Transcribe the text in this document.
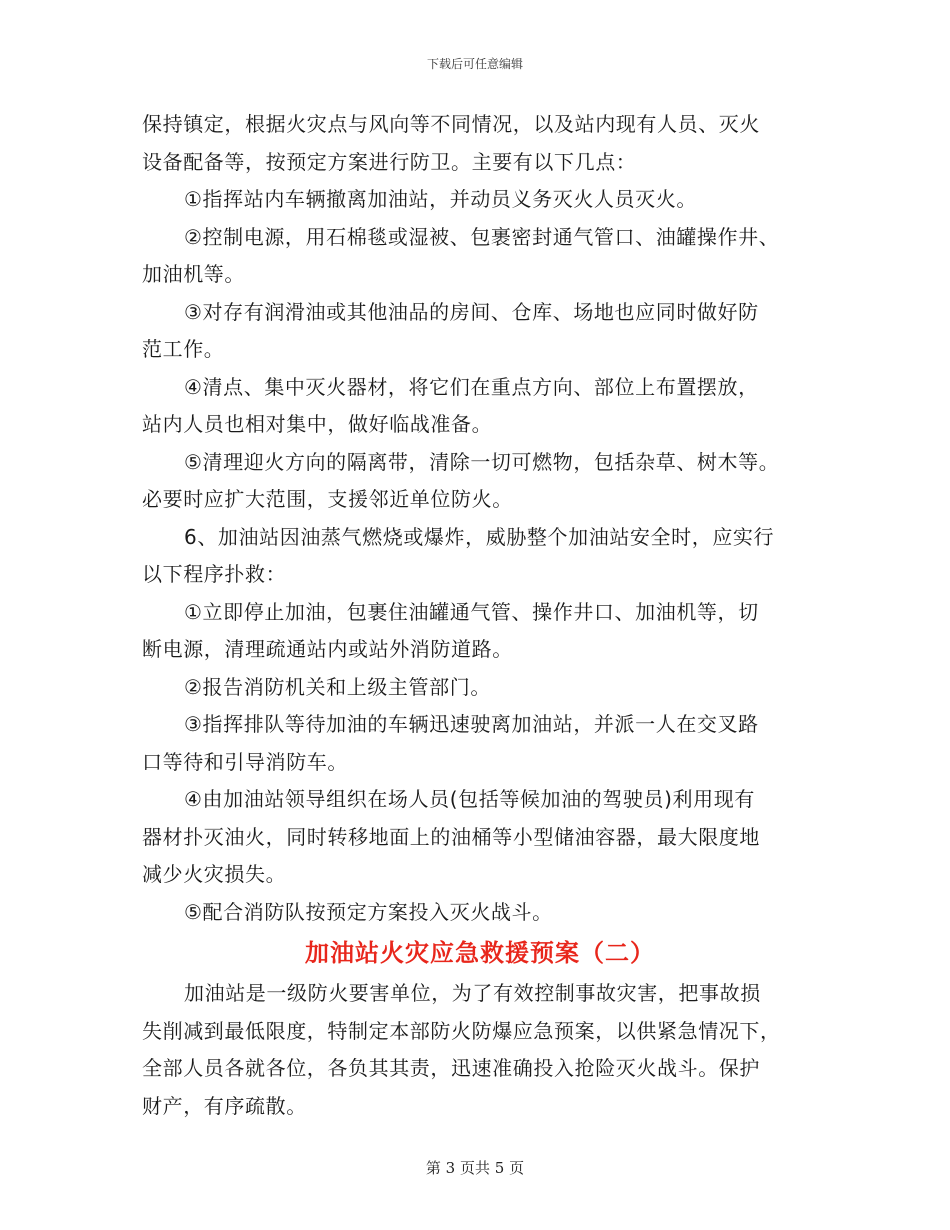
下载后可任意编辑
保持镇定，根据火灾点与风向等不同情况，以及站内现有人员、灭火
设备配备等，按预定方案进行防卫。主要有以下几点：
①指挥站内车辆撤离加油站，并动员义务灭火人员灭火。
②控制电源，用石棉毯或湿被、包裹密封通气管口、油罐操作井、
加油机等。
③对存有润滑油或其他油品的房间、仓库、场地也应同时做好防
范工作。
④清点、集中灭火器材，将它们在重点方向、部位上布置摆放，
站内人员也相对集中，做好临战准备。
⑤清理迎火方向的隔离带，清除一切可燃物，包括杂草、树木等。
必要时应扩大范围，支援邻近单位防火。
6、加油站因油蒸气燃烧或爆炸，威胁整个加油站安全时，应实行
以下程序扑救：
①立即停止加油，包裹住油罐通气管、操作井口、加油机等，切
断电源，清理疏通站内或站外消防道路。
②报告消防机关和上级主管部门。
③指挥排队等待加油的车辆迅速驶离加油站，并派一人在交叉路
口等待和引导消防车。
④由加油站领导组织在场人员(包括等候加油的驾驶员)利用现有
器材扑灭油火，同时转移地面上的油桶等小型储油容器，最大限度地
减少火灾损失。
⑤配合消防队按预定方案投入灭火战斗。
加油站火灾应急救援预案（二）
加油站是一级防火要害单位，为了有效控制事故灾害，把事故损
失削减到最低限度，特制定本部防火防爆应急预案，以供紧急情况下，
全部人员各就各位，各负其其责，迅速准确投入抢险灭火战斗。保护
财产，有序疏散。
第 3 页共 5 页
